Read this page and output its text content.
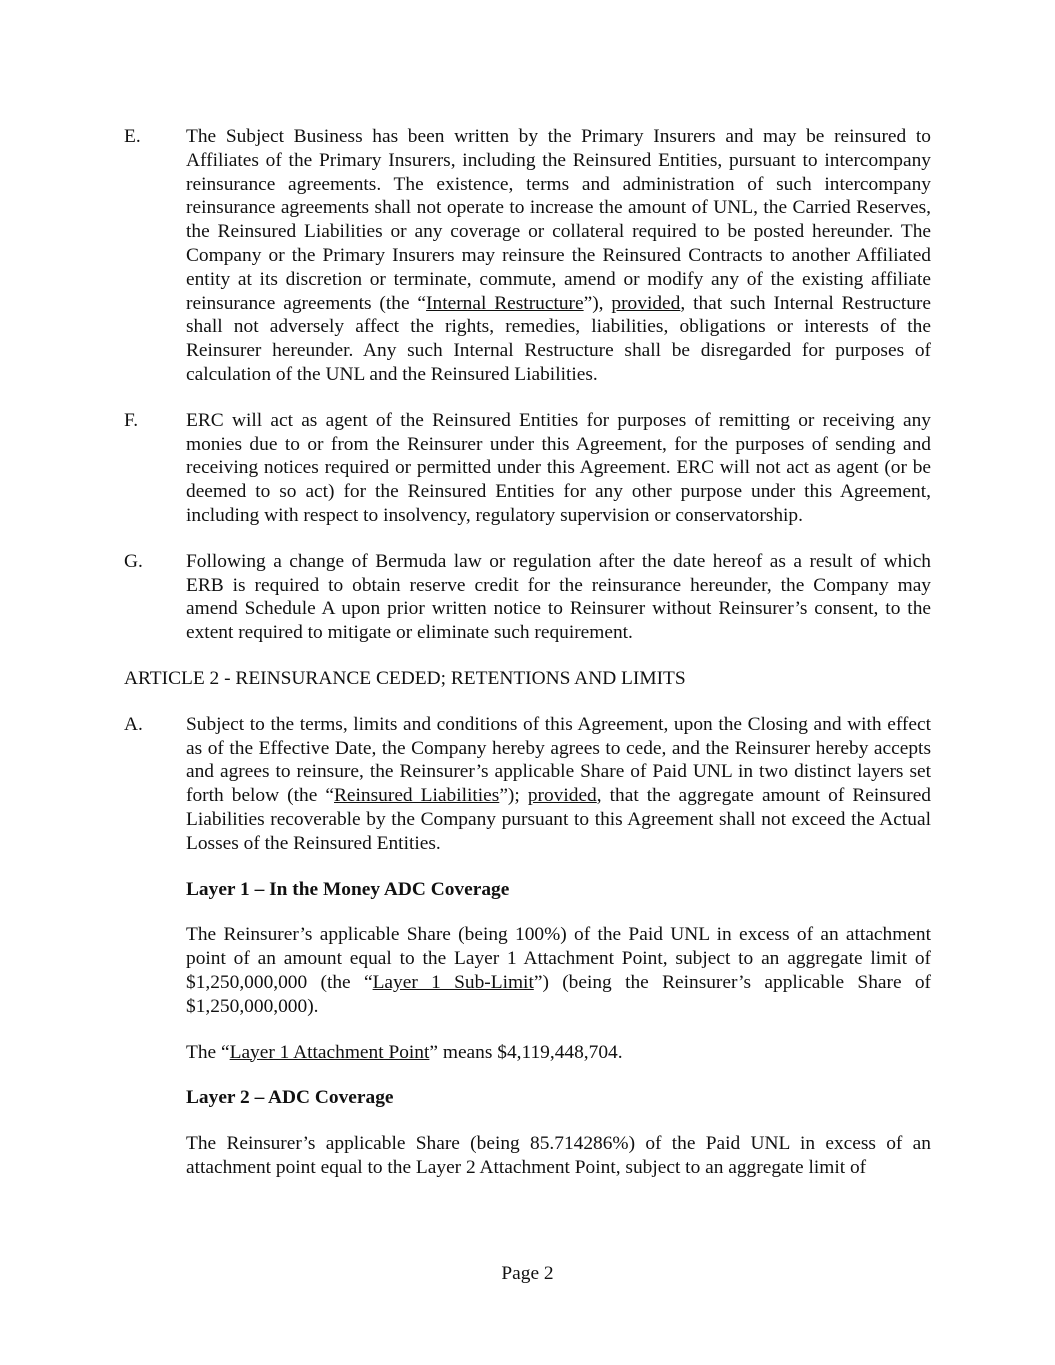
E.	The Subject Business has been written by the Primary Insurers and may be reinsured to Affiliates of the Primary Insurers, including the Reinsured Entities, pursuant to intercompany reinsurance agreements. The existence, terms and administration of such intercompany reinsurance agreements shall not operate to increase the amount of UNL, the Carried Reserves, the Reinsured Liabilities or any coverage or collateral required to be posted hereunder. The Company or the Primary Insurers may reinsure the Reinsured Contracts to another Affiliated entity at its discretion or terminate, commute, amend or modify any of the existing affiliate reinsurance agreements (the “Internal Restructure”), provided, that such Internal Restructure shall not adversely affect the rights, remedies, liabilities, obligations or interests of the Reinsurer hereunder. Any such Internal Restructure shall be disregarded for purposes of calculation of the UNL and the Reinsured Liabilities.

F.	ERC will act as agent of the Reinsured Entities for purposes of remitting or receiving any monies due to or from the Reinsurer under this Agreement, for the purposes of sending and receiving notices required or permitted under this Agreement. ERC will not act as agent (or be deemed to so act) for the Reinsured Entities for any other purpose under this Agreement, including with respect to insolvency, regulatory supervision or conservatorship.

G.	Following a change of Bermuda law or regulation after the date hereof as a result of which ERB is required to obtain reserve credit for the reinsurance hereunder, the Company may amend Schedule A upon prior written notice to Reinsurer without Reinsurer’s consent, to the extent required to mitigate or eliminate such requirement.

ARTICLE 2 - REINSURANCE CEDED; RETENTIONS AND LIMITS
A.	Subject to the terms, limits and conditions of this Agreement, upon the Closing and with effect as of the Effective Date, the Company hereby agrees to cede, and the Reinsurer hereby accepts and agrees to reinsure, the Reinsurer’s applicable Share of Paid UNL in two distinct layers set forth below (the “Reinsured Liabilities”); provided, that the aggregate amount of Reinsured Liabilities recoverable by the Company pursuant to this Agreement shall not exceed the Actual Losses of the Reinsured Entities.

Layer 1 – In the Money ADC Coverage

The Reinsurer’s applicable Share (being 100%) of the Paid UNL in excess of an attachment point of an amount equal to the Layer 1 Attachment Point, subject to an aggregate limit of $1,250,000,000 (the “Layer 1 Sub-Limit”) (being the Reinsurer’s applicable Share of $1,250,000,000).

The “Layer 1 Attachment Point” means $4,119,448,704.

Layer 2 – ADC Coverage

The Reinsurer’s applicable Share (being 85.714286%) of the Paid UNL in excess of an attachment point equal to the Layer 2 Attachment Point, subject to an aggregate limit of

Page 2
